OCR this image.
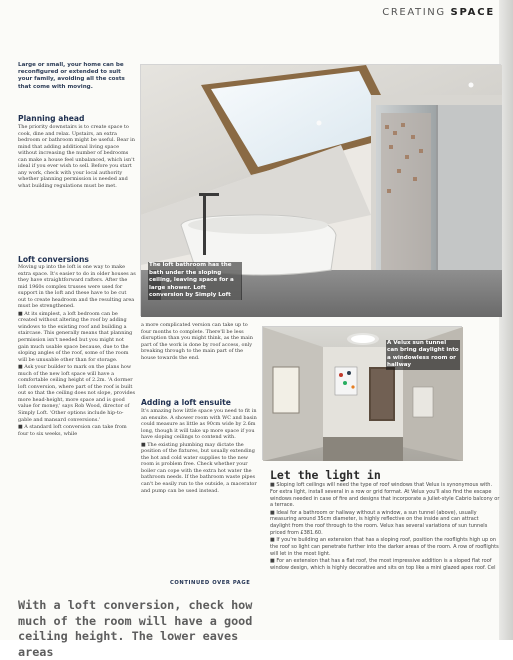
CREATING SPACE
Large or small, your home can be reconfigured or extended to suit your family, avoiding all the costs that come with moving.
Planning ahead

The priority downstairs is to create space to cook, dine and relax. Upstairs, an extra bedroom or bathroom might be useful. Bear in mind that adding additional living space without increasing the number of bedrooms can make a house feel unbalanced, which isn't ideal if you ever wish to sell. Before you start any work, check with your local authority whether planning permission is needed and what building regulations must be met.

Loft conversions

Moving up into the loft is one way to make extra space. It's easier to do in older houses as they have straightforward rafters. After the mid 1960s complex trusses were used for support in the loft and these have to be cut out to create headroom and the resulting area must be strengthened.

■ At its simplest, a loft bedroom can be created without altering the roof by adding windows to the existing roof and building a staircase. This generally means that planning permission isn't needed but you might not gain much usable space because, due to the sloping angles of the roof, some of the room will be unusable other than for storage.

■ Ask your builder to mark on the plans how much of the new loft space will have a comfortable ceiling height of 2.2m. 'A dormer loft conversion, where part of the roof is built out so that the ceiling does not slope, provides more head-height, more space and is good value for money,' says Rob Wood, director of Simply Loft. 'Other options include hip-to-gable and mansard conversions.'

■ A standard loft conversion can take from four to six weeks, while

The loft bathroom has the bath under the sloping ceiling, leaving space for a large shower. Loft conversion by Simply Loft

a more complicated version can take up to four months to complete. There'll be less disruption than you might think, as the main part of the work is done by roof access, only breaking through to the main part of the house towards the end.

Adding a loft ensuite

It's amazing how little space you need to fit in an ensuite. A shower room with WC and basin could measure as little as 90cm wide by 2.6m long, though it will take up more space if you have sloping ceilings to contend with.

■ The existing plumbing may dictate the position of the fixtures, but usually extending the hot and cold water supplies to the new room is problem free. Check whether your boiler can cope with the extra hot water the bathroom needs. If the bathroom waste pipes can't be easily run to the outside, a macerator and pump can be used instead.

CONTINUED OVER PAGE
A Velux sun tunnel can bring daylight into a windowless room or hallway
Let the light in

■ Sloping loft ceilings will need the type of roof windows that Velux is synonymous with. For extra light, install several in a row or grid format. At Velux you'll also find the escape windows needed in case of fire and designs that incorporate a Juliet-style Cabrio balcony or a terrace.

■ Ideal for a bathroom or hallway without a window, a sun tunnel (above), usually measuring around 35cm diameter, is highly reflective on the inside and can attract daylight from the roof through to the room. Velux has several variations of sun tunnels priced from £381.60.

■ If you're building an extension that has a sloping roof, position the rooflights high up on the roof so light can penetrate further into the darker areas of the room. A row of rooflights will let in the most light.

■ For an extension that has a flat roof, the most impressive addition is a sloped flat roof window design, which is highly decorative and sits on top like a mini glazed apex roof. Cel

With a loft conversion, check how much of the room will have a good ceiling height. The lower eaves areas
